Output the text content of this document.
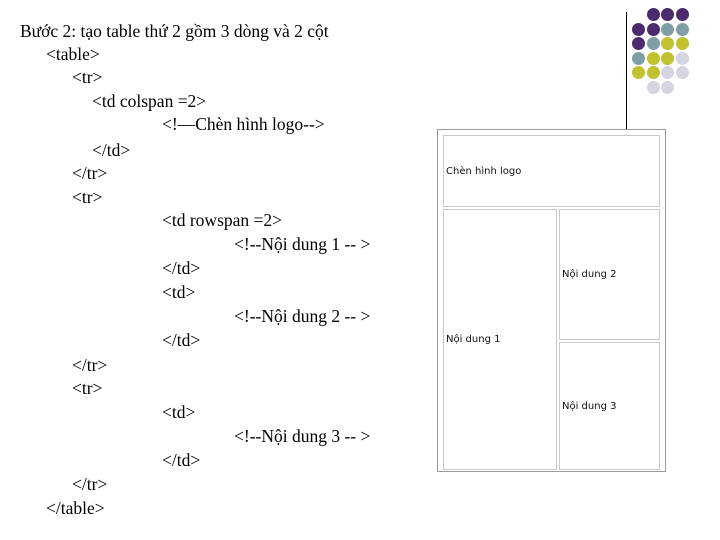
Bước 2: tạo table thứ 2 gồm 3 dòng và 2 cột
<table>
<tr>
<td colspan =2>
<!—Chèn hình logo-->
</td>
</tr>
<tr>
<td rowspan =2>
<!--Nội dung 1 -- >
</td>
<td>
<!--Nội dung 2 -- >
</td>
</tr>
<tr>
<td>
<!--Nội dung 3 -- >
</td>
</tr>
</table>
Chèn hình logo
Nội dung 1	Nội dung 2
Nội dung 3
